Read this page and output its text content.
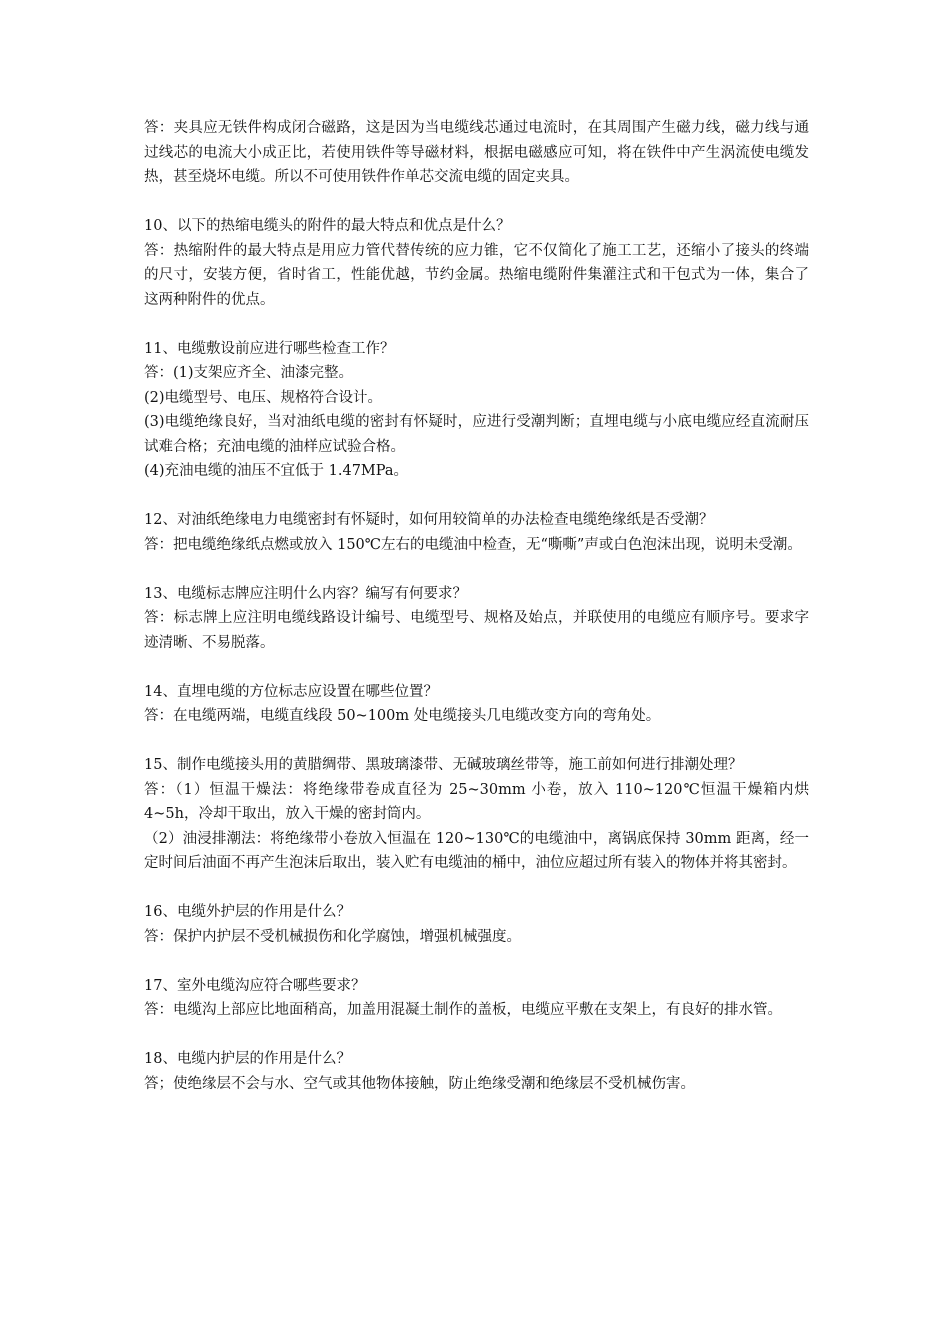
答：夹具应无铁件构成闭合磁路，这是因为当电缆线芯通过电流时，在其周围产生磁力线，磁力线与通过线芯的电流大小成正比，若使用铁件等导磁材料，根据电磁感应可知，将在铁件中产生涡流使电缆发热，甚至烧坏电缆。所以不可使用铁件作单芯交流电缆的固定夹具。

10、以下的热缩电缆头的附件的最大特点和优点是什么？

答：热缩附件的最大特点是用应力管代替传统的应力锥，它不仅简化了施工工艺，还缩小了接头的终端的尺寸，安装方便，省时省工，性能优越，节约金属。热缩电缆附件集灌注式和干包式为一体，集合了这两种附件的优点。

11、电缆敷设前应进行哪些检查工作？

答：(1)支架应齐全、油漆完整。

(2)电缆型号、电压、规格符合设计。

(3)电缆绝缘良好，当对油纸电缆的密封有怀疑时，应进行受潮判断；直埋电缆与小底电缆应经直流耐压试难合格；充油电缆的油样应试验合格。

(4)充油电缆的油压不宜低于 1.47MPa。

12、对油纸绝缘电力电缆密封有怀疑时，如何用较简单的办法检查电缆绝缘纸是否受潮？

答：把电缆绝缘纸点燃或放入 150℃左右的电缆油中检查，无“嘶嘶”声或白色泡沫出现，说明未受潮。

13、电缆标志牌应注明什么内容？编写有何要求？

答：标志牌上应注明电缆线路设计编号、电缆型号、规格及始点，并联使用的电缆应有顺序号。要求字迹清晰、不易脱落。

14、直埋电缆的方位标志应设置在哪些位置？

答：在电缆两端，电缆直线段 50~100m 处电缆接头几电缆改变方向的弯角处。

15、制作电缆接头用的黄腊绸带、黑玻璃漆带、无碱玻璃丝带等，施工前如何进行排潮处理？

答：（1）恒温干燥法：将绝缘带卷成直径为 25~30mm 小卷，放入 110~120℃恒温干燥箱内烘 4~5h，冷却干取出，放入干燥的密封筒内。

（2）油浸排潮法：将绝缘带小卷放入恒温在 120~130℃的电缆油中，离锅底保持 30mm 距离，经一定时间后油面不再产生泡沫后取出，装入贮有电缆油的桶中，油位应超过所有装入的物体并将其密封。

16、电缆外护层的作用是什么？

答：保护内护层不受机械损伤和化学腐蚀，增强机械强度。

17、室外电缆沟应符合哪些要求？

答：电缆沟上部应比地面稍高，加盖用混凝土制作的盖板，电缆应平敷在支架上，有良好的排水管。

18、电缆内护层的作用是什么？

答；使绝缘层不会与水、空气或其他物体接触，防止绝缘受潮和绝缘层不受机械伤害。
